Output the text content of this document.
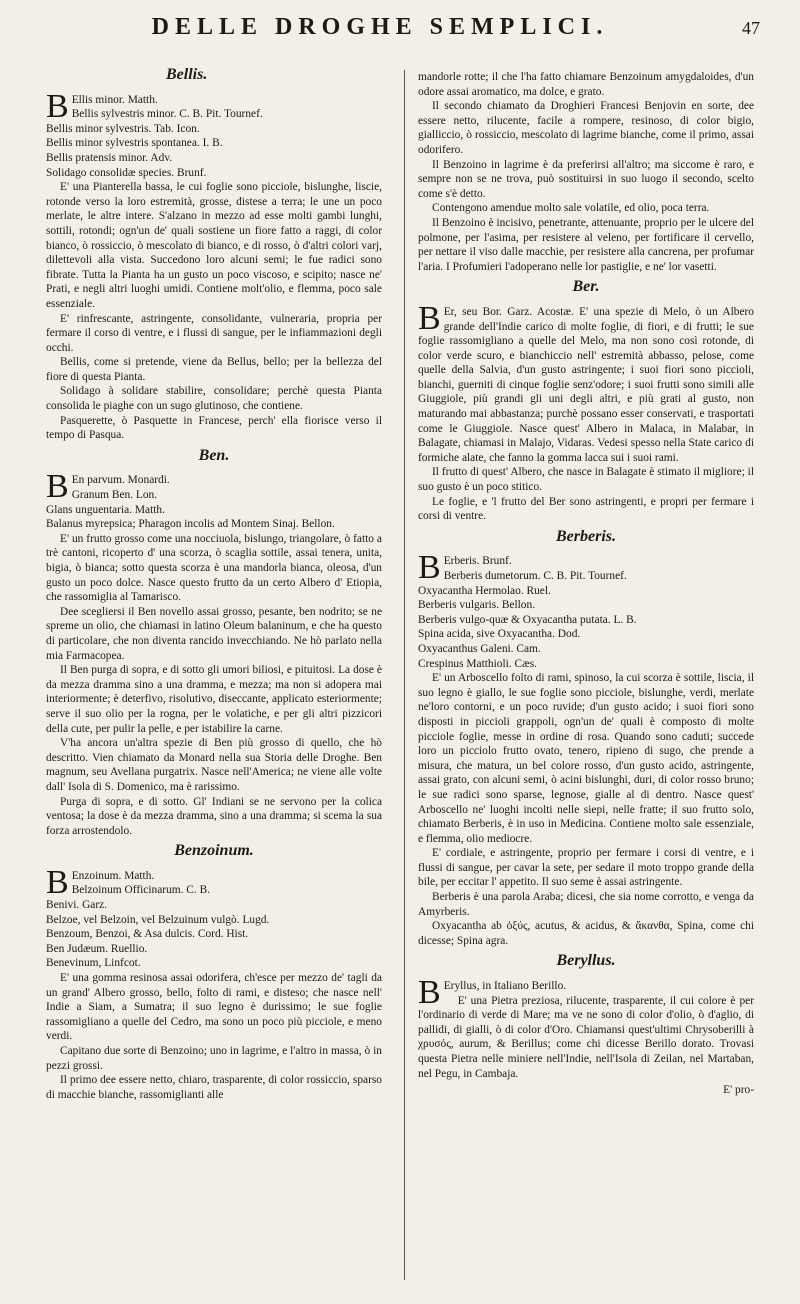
DELLE DROGHE SEMPLICI.	47
Bellis.

BEllis minor. Matth.

Bellis sylvestris minor. C. B. Pit. Tournef.

Bellis minor sylvestris. Tab. Icon.

Bellis minor sylvestris spontanea. I. B.

Bellis pratensis minor. Adv.

Solidago consolidæ species. Brunf.

E' una Pianterella bassa, le cui foglie sono picciole, bislunghe, liscie, rotonde verso la loro estremità, grosse, distese a terra; le une un poco merlate, le altre intere. S'alzano in mezzo ad esse molti gambi lunghi, sottili, rotondi; ogn'un de' quali sostiene un fiore fatto a raggi, di color bianco, ò rossiccio, ò mescolato di bianco, e di rosso, ò d'altri colori varj, dilettevoli alla vista. Succedono loro alcuni semi; le fue radici sono fibrate. Tutta la Pianta ha un gusto un poco viscoso, e scipito; nasce ne' Prati, e negli altri luoghi umidi. Contiene molt'olio, e flemma, poco sale essenziale.

E' rinfrescante, astringente, consolidante, vulneraria, propria per fermare il corso di ventre, e i flussi di sangue, per le infiammazioni degli occhi.

Bellis, come si pretende, viene da Bellus, bello; per la bellezza del fiore di questa Pianta.

Solidago à solidare stabilire, consolidare; perchè questa Pianta consolida le piaghe con un sugo glutinoso, che contiene.

Pasquerette, ò Pasquette in Francese, perch' ella fiorisce verso il tempo di Pasqua.

Ben.

BEn parvum. Monardi.

Granum Ben. Lon.

Glans unguentaria. Matth.

Balanus myrepsica; Pharagon incolis ad Montem Sinaj. Bellon.

E' un frutto grosso come una nocciuola, bislungo, triangolare, ò fatto a trè cantoni, ricoperto d' una scorza, ò scaglia sottile, assai tenera, unita, bigia, ò bianca; sotto questa scorza è una mandorla bianca, oleosa, d'un gusto un poco dolce. Nasce questo frutto da un certo Albero d' Etiopia, che rassomiglia al Tamarisco.

Dee scegliersi il Ben novello assai grosso, pesante, ben nodrito; se ne spreme un olio, che chiamasi in latino Oleum balaninum, e che ha questo di particolare, che non diventa rancido invecchiando. Ne hò parlato nella mia Farmacopea.

Il Ben purga di sopra, e di sotto gli umori biliosi, e pituitosi. La dose è da mezza dramma sino a una dramma, e mezza; ma non si adopera mai interiormente; è deterfivo, risolutivo, diseccante, applicato esteriormente; serve il suo olio per la rogna, per le volatiche, e per gli altri pizzicori della cute, per pulir la pelle, e per istabilire la carne.

V'ha ancora un'altra spezie di Ben più grosso di quello, che hò descritto. Vien chiamato da Monard nella sua Storia delle Droghe. Ben magnum, seu Avellana purgatrix. Nasce nell'America; ne viene alle volte dall' Isola di S. Domenico, ma è rarissimo.

Purga di sopra, e di sotto. Gl' Indiani se ne servono per la colica ventosa; la dose è da mezza dramma, sino a una dramma; si scema la sua forza arrostendolo.

Benzoinum.

BEnzoinum. Matth.

Belzoinum Officinarum. C. B.

Benivi. Garz.

Belzoe, vel Belzoin, vel Belzuinum vulgò. Lugd.

Benzoum, Benzoi, & Asa dulcis. Cord. Hist.

Ben Judæum. Ruellio.

Benevinum, Linfcot.

E' una gomma resinosa assai odorifera, ch'esce per mezzo de' tagli da un grand' Albero grosso, bello, folto di rami, e disteso; che nasce nell' Indie a Siam, a Sumatra; il suo legno è durissimo; le sue foglie rassomigliano a quelle del Cedro, ma sono un poco più picciole, e meno verdi.

Capitano due sorte di Benzoino; uno in lagrime, e l'altro in massa, ò in pezzi grossi.

Il primo dee essere netto, chiaro, trasparente, di color rossiccio, sparso di macchie bianche, rassomiglianti alle

mandorle rotte; il che l'ha fatto chiamare Benzoinum amygdaloides, d'un odore assai aromatico, ma dolce, e grato.

Il secondo chiamato da Droghieri Francesi Benjovin en sorte, dee essere netto, rilucente, facile a rompere, resinoso, di color bigio, gialliccio, ò rossiccio, mescolato di lagrime bianche, come il primo, assai odorifero.

Il Benzoino in lagrime è da preferirsi all'altro; ma siccome è raro, e sempre non se ne trova, può sostituirsi in suo luogo il secondo, scelto come s'è detto.

Contengono amendue molto sale volatile, ed olio, poca terra.

Il Benzoino è incisivo, penetrante, attenuante, proprio per le ulcere del polmone, per l'asima, per resistere al veleno, per fortificare il cervello, per nettare il viso dalle macchie, per resistere alla cancrena, per profumar l'aria. I Profumieri l'adoperano nelle lor pastiglie, e ne' lor vasetti.

Ber.

BEr, seu Bor. Garz. Acostæ. E' una spezie di Melo, ò un Albero grande dell'Indie carico di molte foglie, di fiori, e di frutti; le sue foglie rassomigliano a quelle del Melo, ma non sono così rotonde, di color verde scuro, e bianchiccio nell' estremità abbasso, pelose, come quelle della Salvia, d'un gusto astringente; i suoi fiori sono piccioli, bianchi, guerniti di cinque foglie senz'odore; i suoi frutti sono simili alle Giuggiole, più grandi gli uni degli altri, e più grati al gusto, non maturando mai abbastanza; purchè possano esser conservati, e trasportati come le Giuggiole. Nasce quest' Albero in Malaca, in Malabar, in Balagate, chiamasi in Malajo, Vidaras. Vedesi spesso nella State carico di formiche alate, che fanno la gomma lacca sui i suoi rami.

Il frutto di quest' Albero, che nasce in Balagate è stimato il migliore; il suo gusto è un poco stitico.

Le foglie, e 'l frutto del Ber sono astringenti, e propri per fermare i corsi di ventre.

Berberis.

BErberis. Brunf.

Berberis dumetorum. C. B. Pit. Tournef.

Oxyacantha Hermolao. Ruel.

Berberis vulgaris. Bellon.

Berberis vulgo-quæ & Oxyacantha putata. L. B.

Spina acida, sive Oxyacantha. Dod.

Oxyacanthus Galeni. Cam.

Crespinus Matthioli. Cæs.

E' un Arboscello folto di rami, spinoso, la cui scorza è sottile, liscia, il suo legno è giallo, le sue foglie sono picciole, bislunghe, verdi, merlate ne'loro contorni, e un poco ruvide; d'un gusto acido; i suoi fiori sono disposti in piccioli grappoli, ogn'un de' quali è composto di molte picciole foglie, messe in ordine di rosa. Quando sono caduti; succede loro un picciolo frutto ovato, tenero, ripieno di sugo, che prende a misura, che matura, un bel colore rosso, d'un gusto acido, astringente, assai grato, con alcuni semi, ò acini bislunghi, duri, di color rosso bruno; le sue radici sono sparse, legnose, gialle al di dentro. Nasce quest' Arboscello ne' luoghi incolti nelle siepi, nelle fratte; il suo frutto solo, chiamato Berberis, è in uso in Medicina. Contiene molto sale essenziale, e flemma, olio mediocre.

E' cordiale, e astringente, proprio per fermare i corsi di ventre, e i flussi di sangue, per cavar la sete, per sedare il moto troppo grande della bile, per eccitar l' appetito. Il suo seme è assai astringente.

Berberis è una parola Araba; dicesi, che sia nome corrotto, e venga da Amyrberis.

Oxyacantha ab ὀξύς, acutus, & acidus, & ἄκανθα, Spina, come chi dicesse; Spina agra.

Beryllus.

BEryllus, in Italiano Berillo.

E' una Pietra preziosa, rilucente, trasparente, il cui colore è per l'ordinario di verde di Mare; ma ve ne sono di color d'olio, ò d'aglio, di pallidi, di gialli, ò di color d'Oro. Chiamansi quest'ultimi Chrysoberilli à χρυσός, aurum, & Berillus; come chi dicesse Berillo dorato. Trovasi questa Pietra nelle miniere nell'Indie, nell'Isola di Zeilan, nel Martaban, nel Pegu, in Cambaja.

E' pro-
